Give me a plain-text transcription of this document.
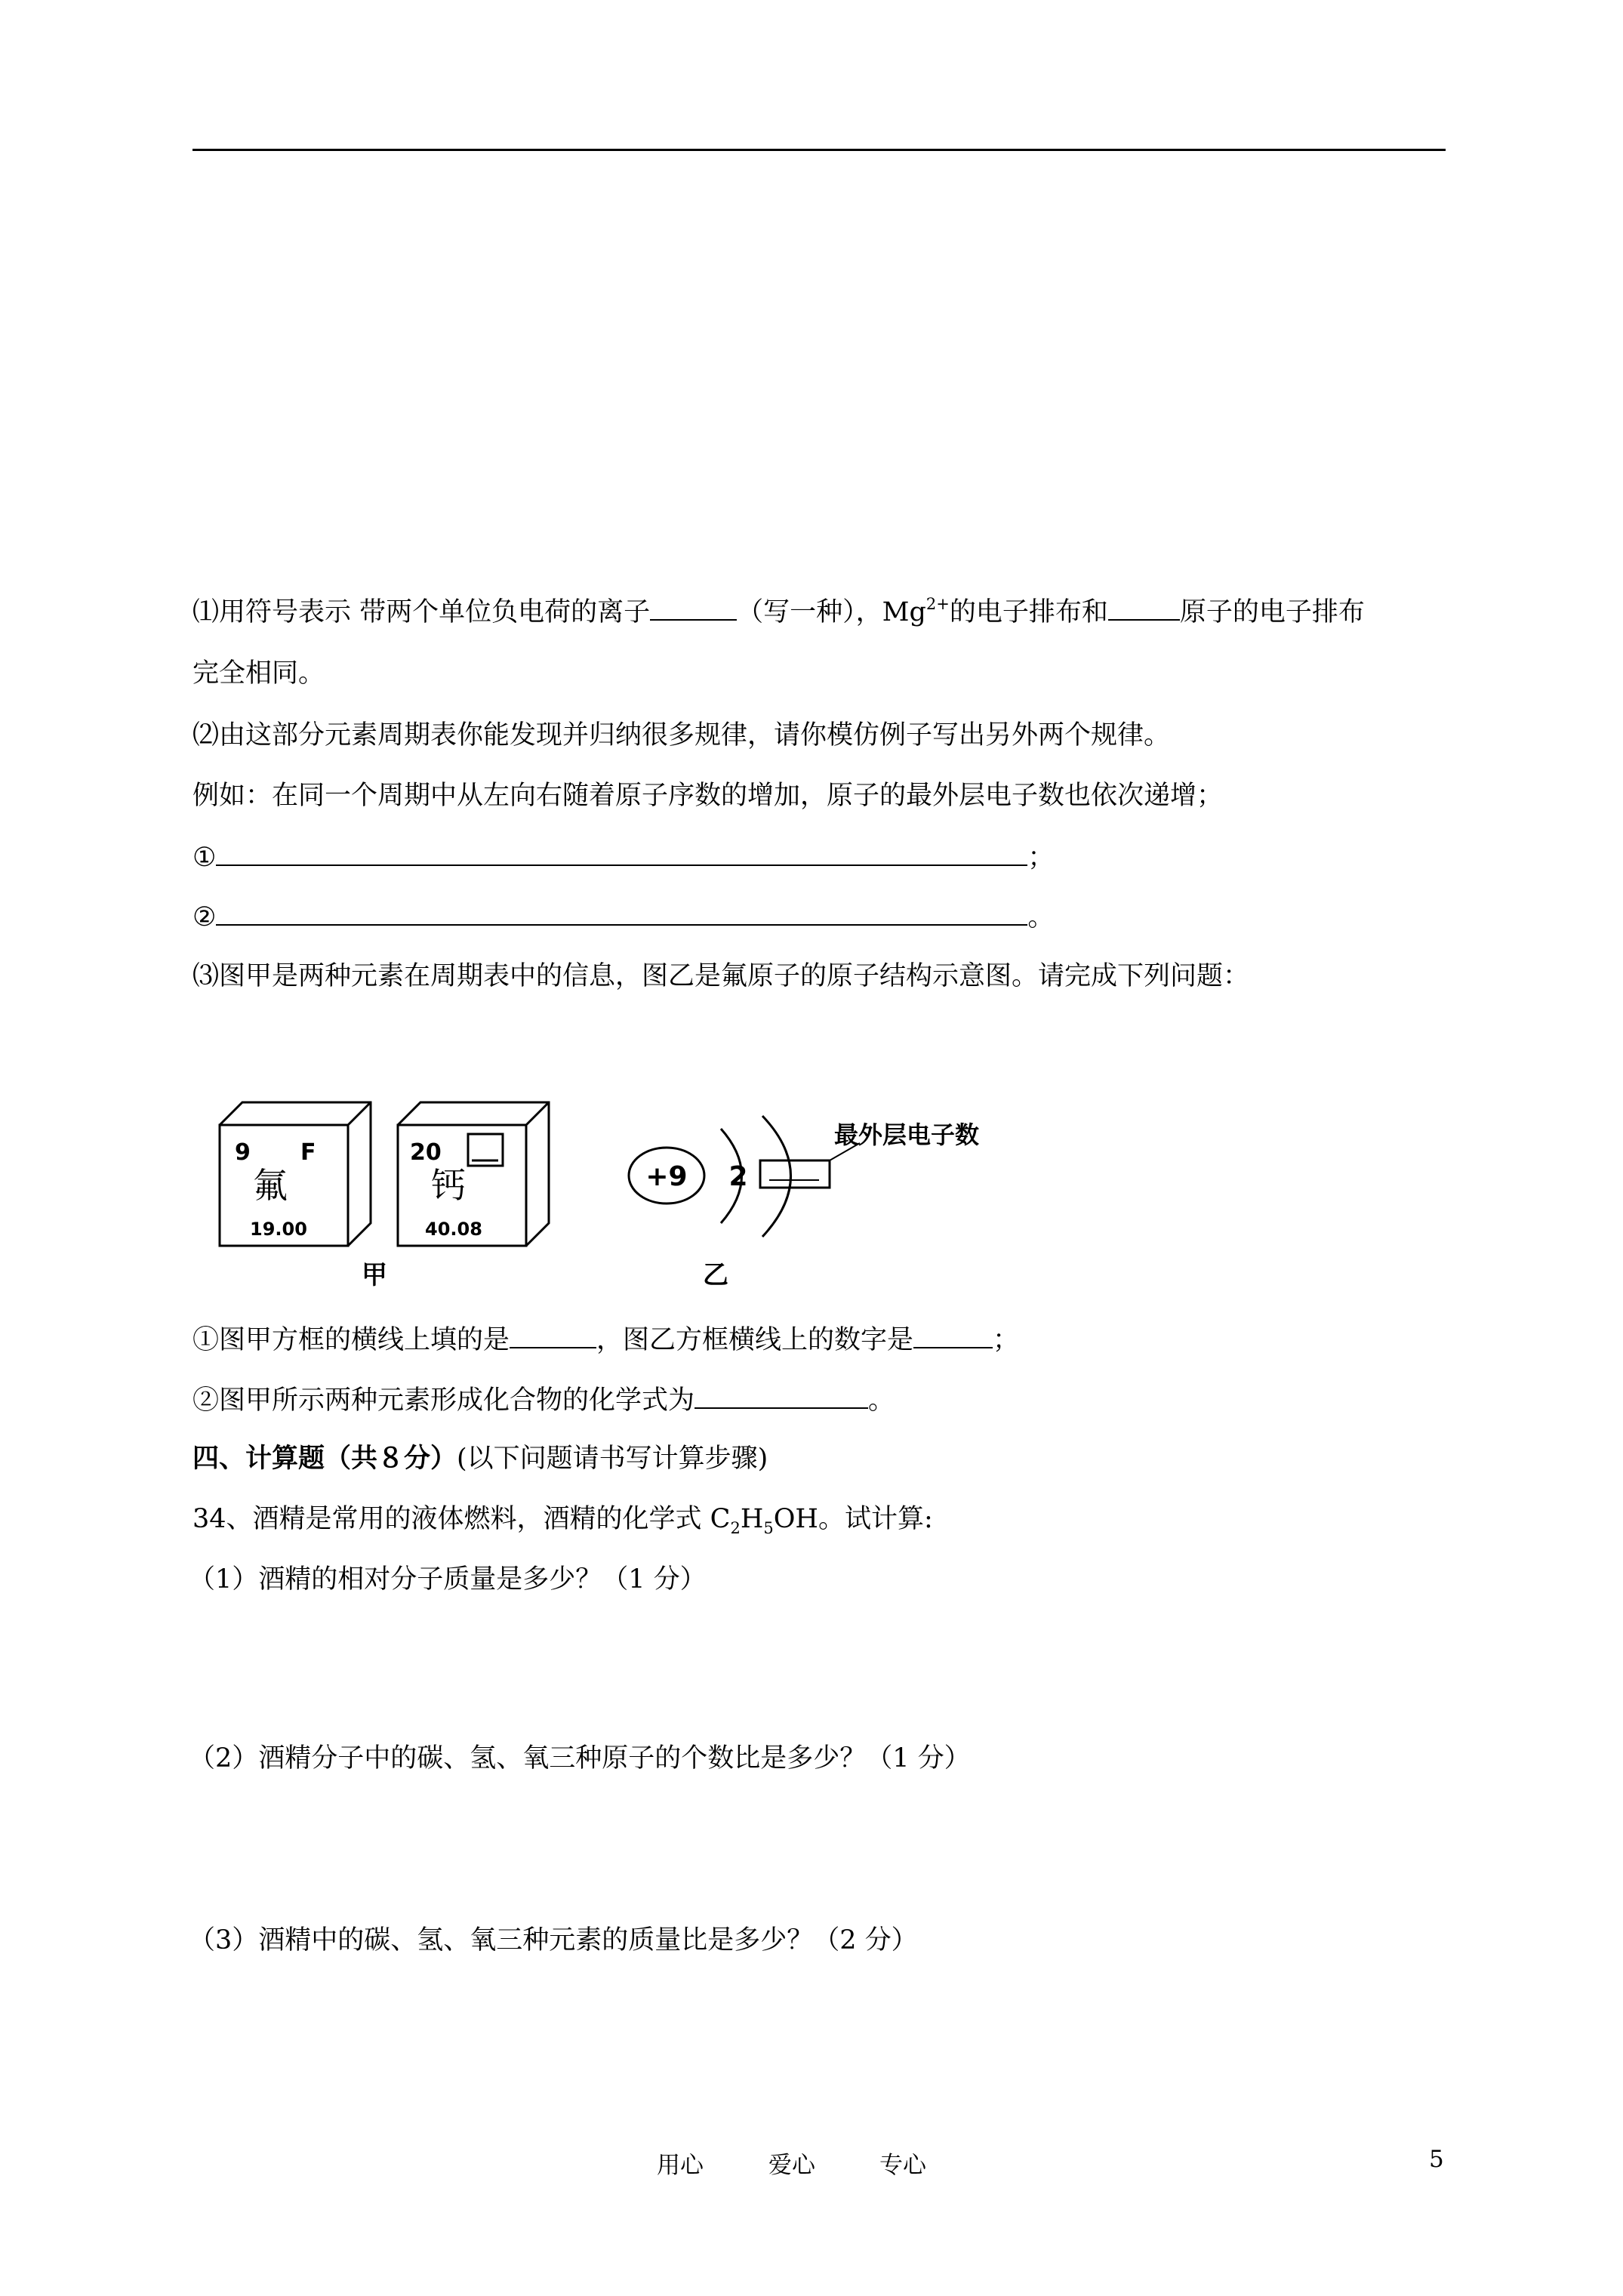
⑴用符号表示 带两个单位负电荷的离子	（写一种），$Mg^{2+}$的电子排布和	原子的电子排布
完全相同。
⑵由这部分元素周期表你能发现并归纳很多规律，请你模仿例子写出另外两个规律。
例如：在同一个周期中从左向右随着原子序数的增加，原子的最外层电子数也依次递增；
①	；
②	。
⑶图甲是两种元素在周期表中的信息，图乙是氟原子的原子结构示意图。请完成下列问题：
9 F
氟
19.00
20
钙
40.08
甲
+9 2
最外层电子数
乙
①图甲方框的横线上填的是	，图乙方框横线上的数字是	；
②图甲所示两种元素形成化合物的化学式为	。
四、计算题（共８分）(以下问题请书写计算步骤)
34、酒精是常用的液体燃料，酒精的化学式 $C_2H_5OH$。试计算:
（1）酒精的相对分子质量是多少？（1 分）
（2）酒精分子中的碳、氢、氧三种原子的个数比是多少？（1 分）
（3）酒精中的碳、氢、氧三种元素的质量比是多少？（2 分）
用心	爱心	专心	5
